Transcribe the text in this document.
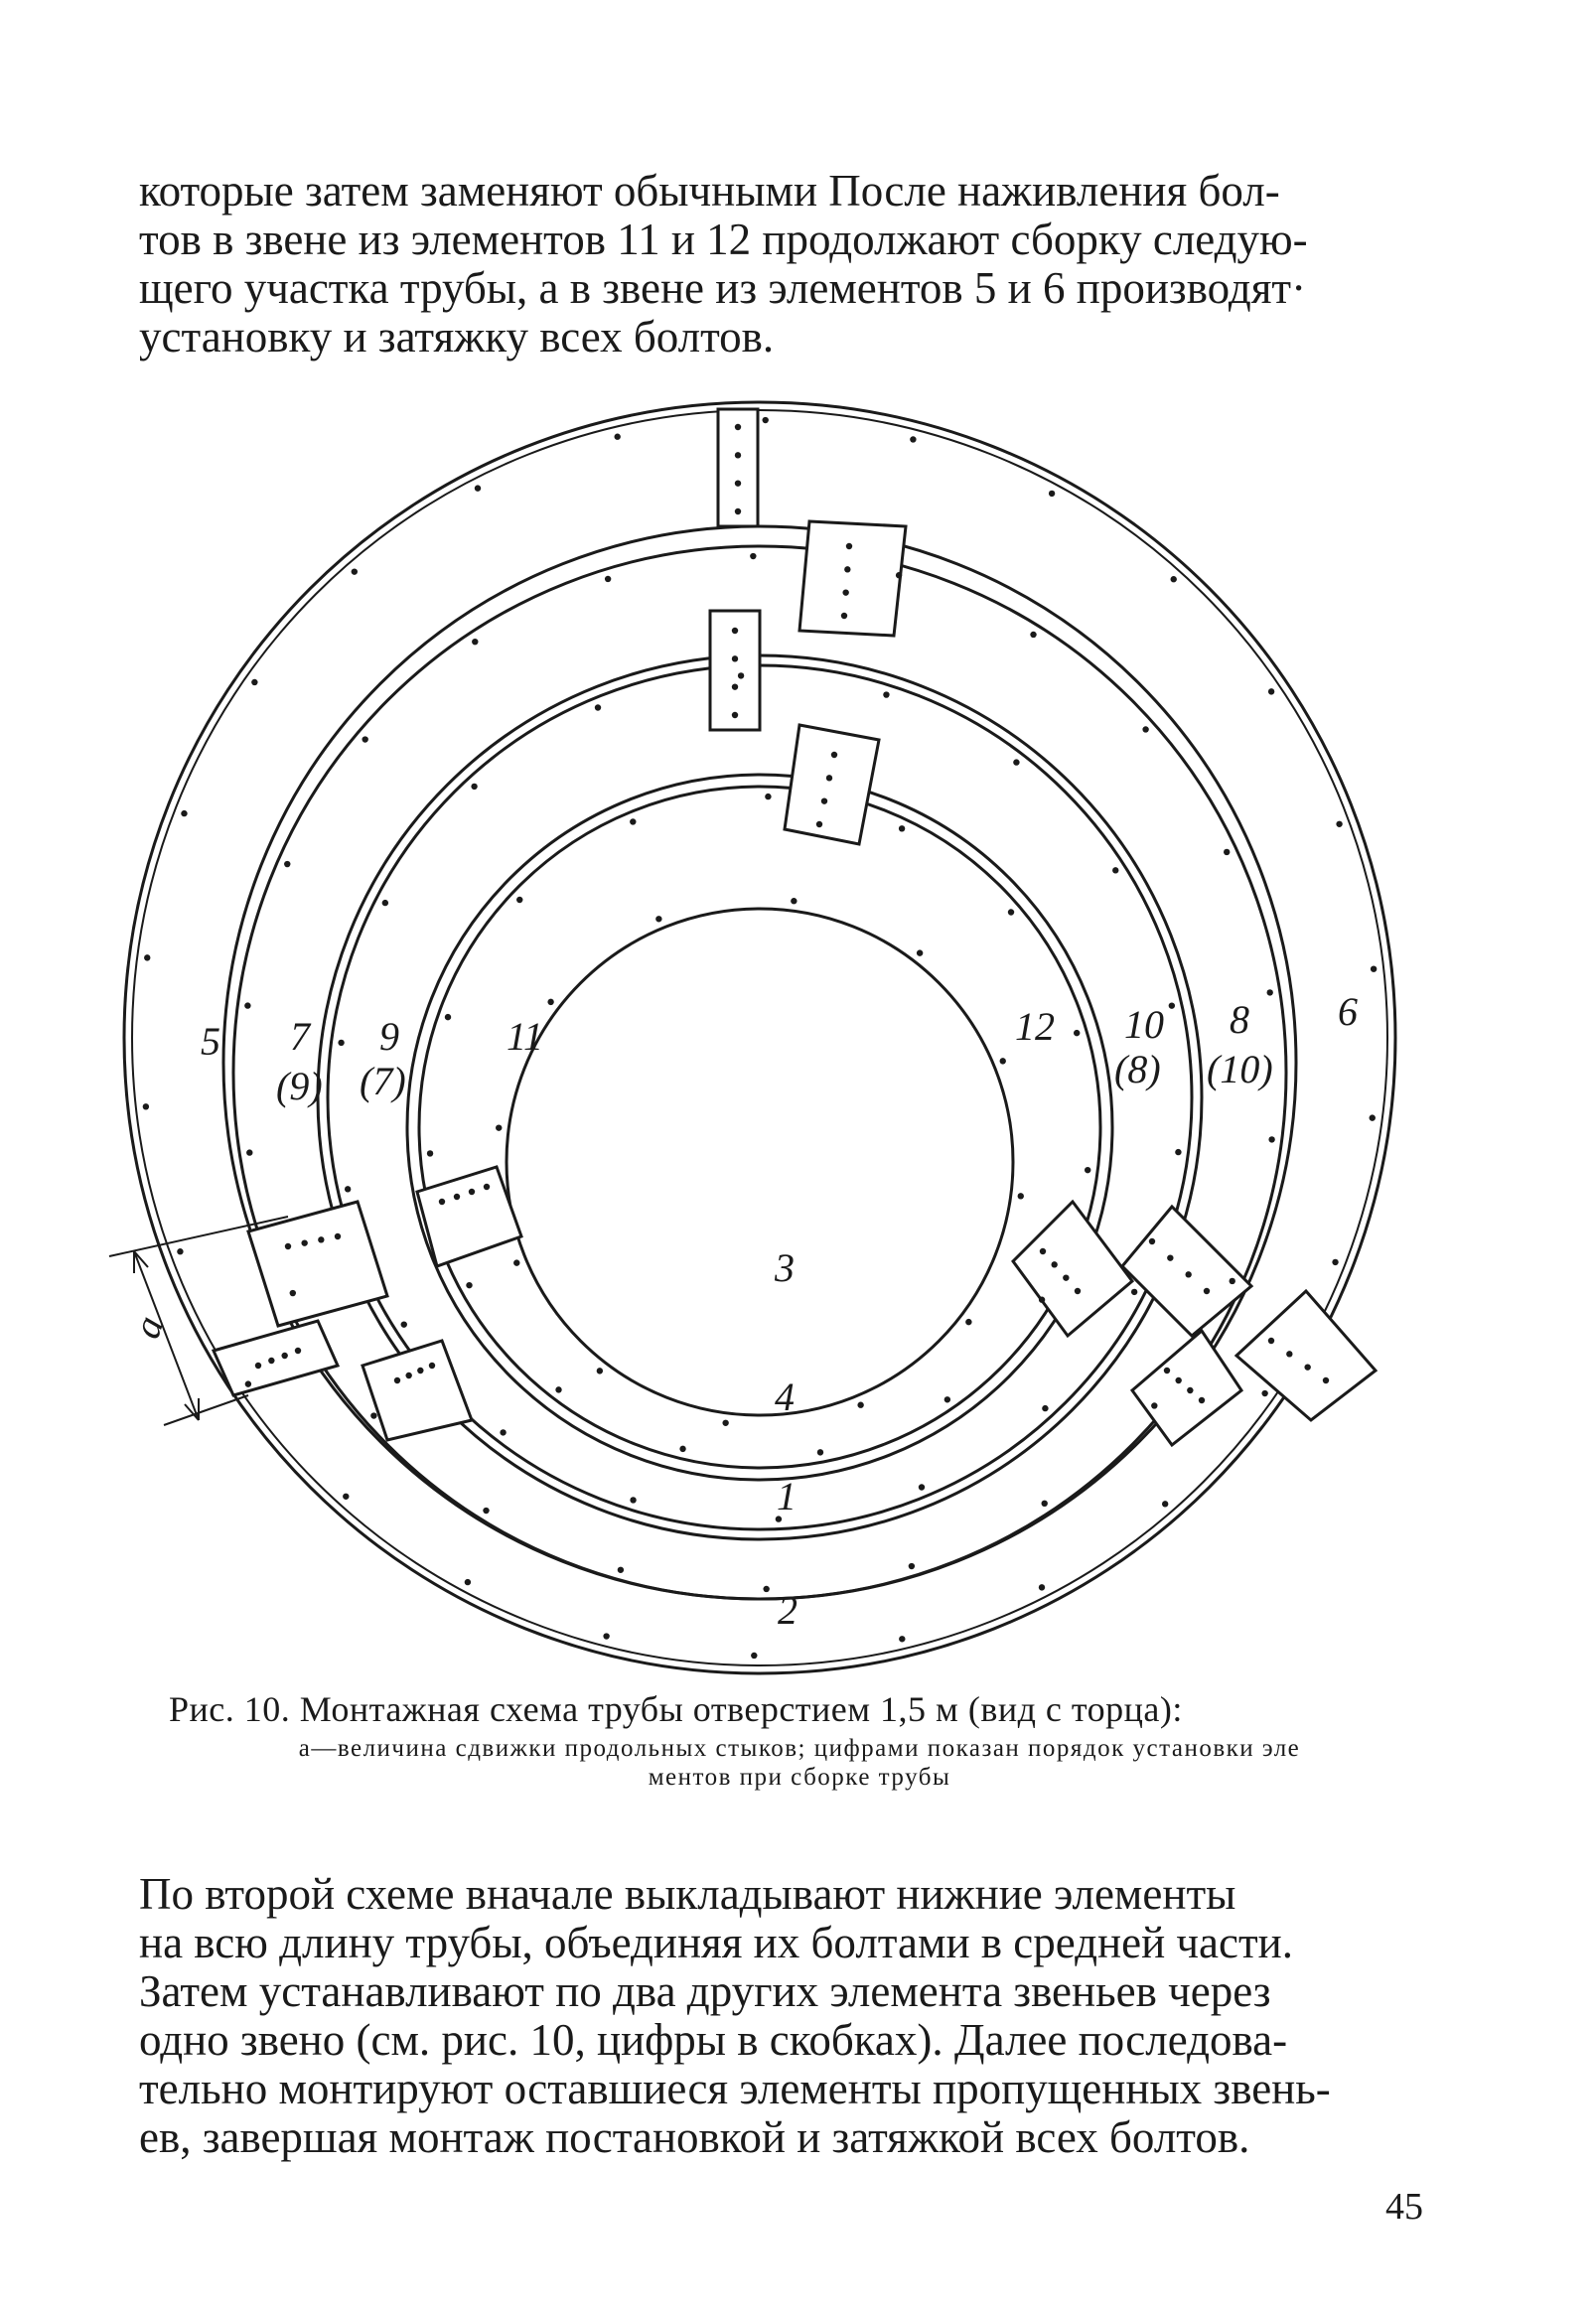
которые затем заменяют обычными После наживления бол-
тов в звене из элементов 11 и 12 продолжают сборку следую-
щего участка трубы, а в звене из элементов 5 и 6 производят·
установку и затяжку всех болтов.
a
5 7
(9)
9
(7)
11	12 10
(8)
8
(10)
6
3
4
1
2

Рис. 10. Монтажная схема трубы отверстием 1,5 м (вид с торца):

a—величина сдвижки продольных стыков; цифрами показан порядок установки эле
ментов при сборке трубы

По второй схеме вначале выкладывают нижние элементы
на всю длину трубы, объединяя их болтами в средней части.
Затем устанавливают по два других элемента звеньев через
одно звено (см. рис. 10, цифры в скобках). Далее последова-
тельно монтируют оставшиеся элементы пропущенных звень-
ев, завершая монтаж постановкой и затяжкой всех болтов.
45
